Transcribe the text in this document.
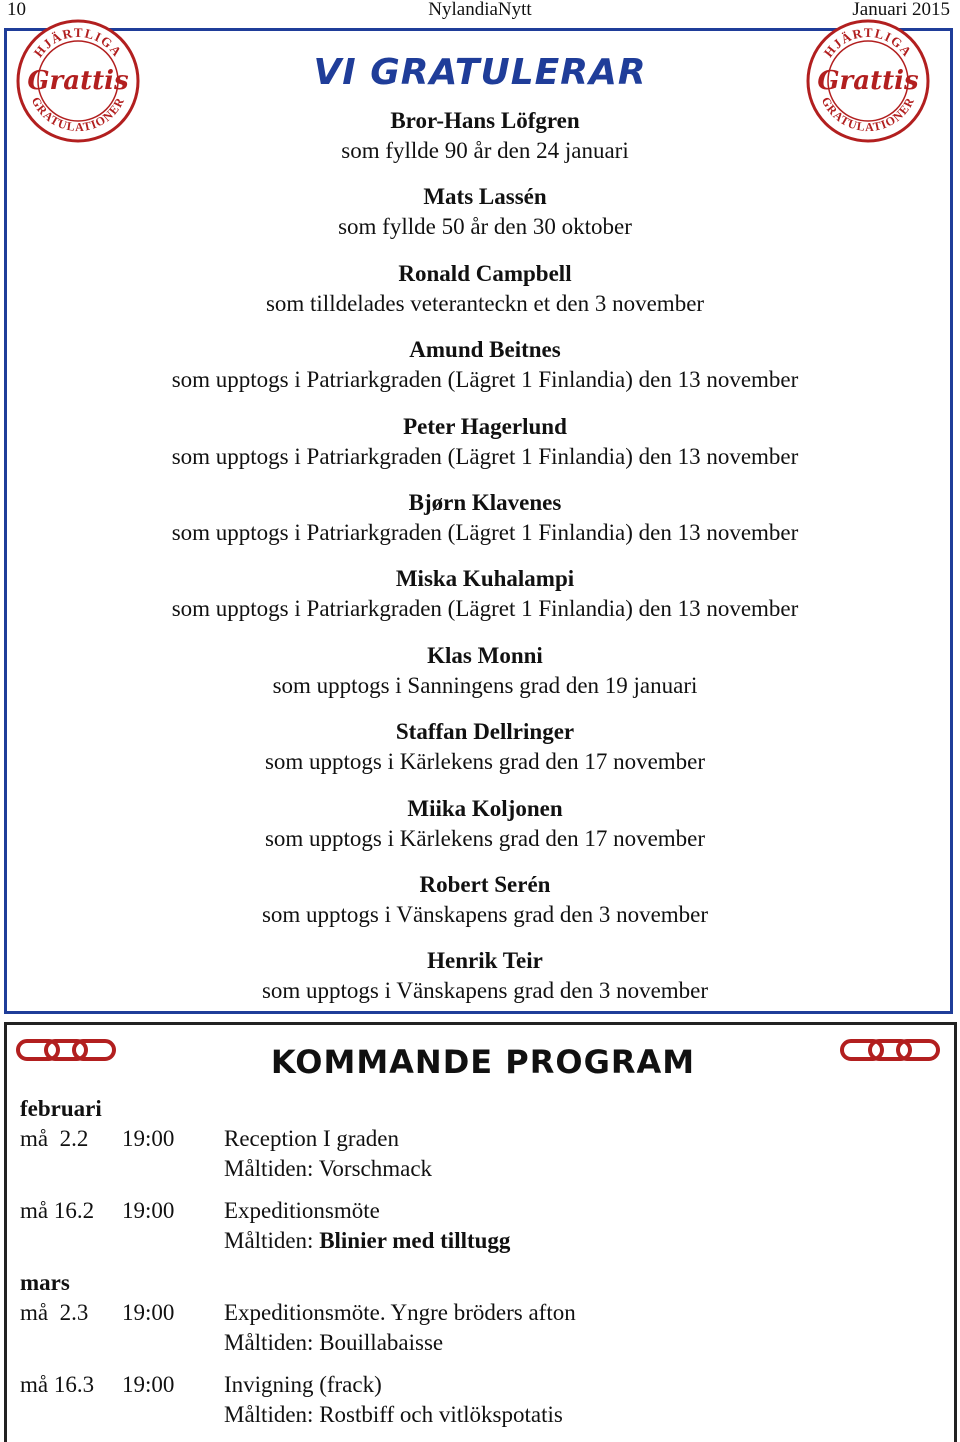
10	NylandiaNytt	Januari 2015
HJÄRTLIGA
GRATULATIONER
Grattis
HJÄRTLIGA
GRATULATIONER
Grattis
VI GRATULERAR
Bror-Hans Löfgren
som fyllde 90 år den 24 januari
Mats Lassén
som fyllde 50 år den 30 oktober
Ronald Campbell
som tilldelades veteranteckn et den 3 november
Amund Beitnes
som upptogs i Patriarkgraden (Lägret 1 Finlandia) den 13 november
Peter Hagerlund
som upptogs i Patriarkgraden (Lägret 1 Finlandia) den 13 november
Bjørn Klavenes
som upptogs i Patriarkgraden (Lägret 1 Finlandia) den 13 november
Miska Kuhalampi
som upptogs i Patriarkgraden (Lägret 1 Finlandia) den 13 november
Klas Monni
som upptogs i Sanningens grad den 19 januari
Staffan Dellringer
som upptogs i Kärlekens grad den 17 november
Miika Koljonen
som upptogs i Kärlekens grad den 17 november
Robert Serén
som upptogs i Vänskapens grad den 3 november
Henrik Teir
som upptogs i Vänskapens grad den 3 november
KOMMANDE PROGRAM
februari
må  2.2	19:00 Reception I graden
Måltiden: Vorschmack
må 16.2 19:00 Expeditionsmöte
Måltiden: Blinier med tilltugg
mars
må  2.3	19:00 Expeditionsmöte. Yngre bröders afton
Måltiden: Bouillabaisse
må 16.3 19:00 Invigning (frack)
Måltiden: Rostbiff och vitlökspotatis
